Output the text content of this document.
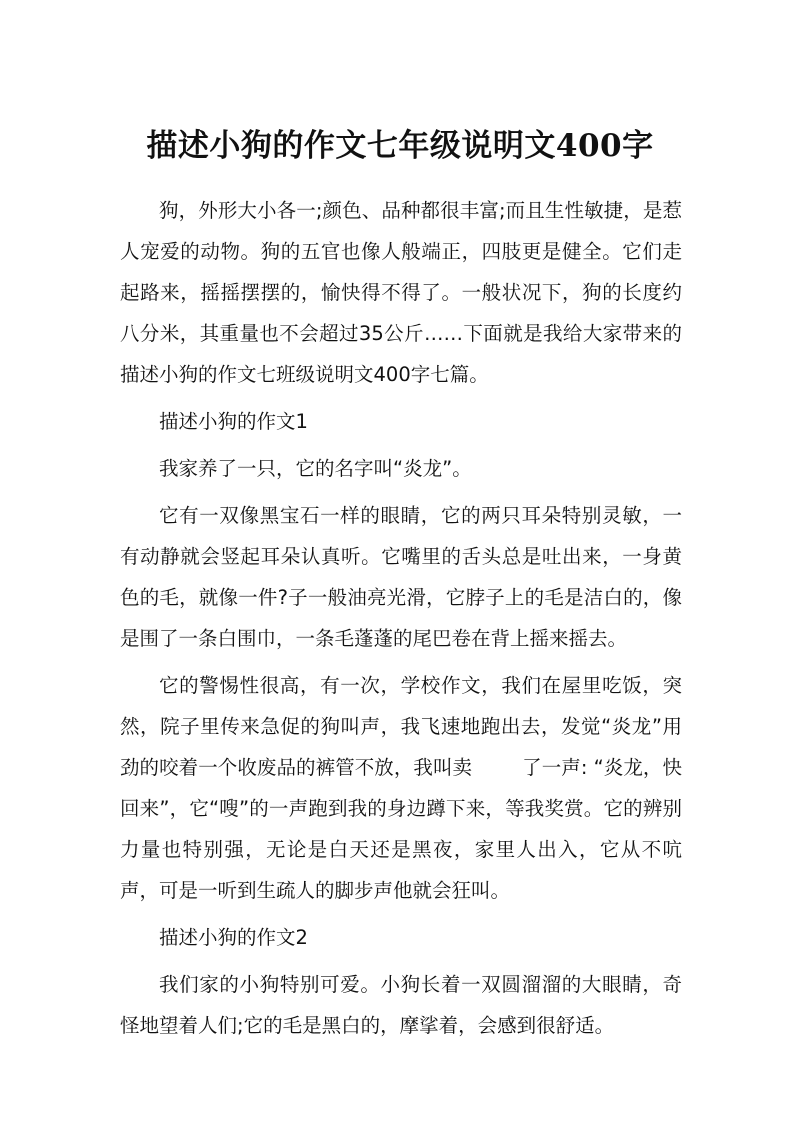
描述小狗的作文七年级说明文400字

狗，外形大小各一;颜色、品种都很丰富;而且生性敏捷，是惹人宠爱的动物。狗的五官也像人般端正，四肢更是健全。它们走起路来，摇摇摆摆的，愉快得不得了。一般状况下，狗的长度约八分米，其重量也不会超过35公斤……下面就是我给大家带来的描述小狗的作文七班级说明文400字七篇。

描述小狗的作文1

我家养了一只，它的名字叫“炎龙”。

它有一双像黑宝石一样的眼睛，它的两只耳朵特别灵敏，一有动静就会竖起耳朵认真听。它嘴里的舌头总是吐出来，一身黄色的毛，就像一件?子一般油亮光滑，它脖子上的毛是洁白的，像是围了一条白围巾，一条毛蓬蓬的尾巴卷在背上摇来摇去。

它的警惕性很高，有一次，学校作文，我们在屋里吃饭，突然，院子里传来急促的狗叫声，我飞速地跑出去，发觉“炎龙”用劲的咬着一个收废品的裤管不放，我叫卖        了一声: “炎龙，快回来”，它“嗖”的一声跑到我的身边蹲下来，等我奖赏。它的辨别力量也特别强，无论是白天还是黑夜，家里人出入，它从不吭声，可是一听到生疏人的脚步声他就会狂叫。

描述小狗的作文2

我们家的小狗特别可爱。小狗长着一双圆溜溜的大眼睛，奇怪地望着人们;它的毛是黑白的，摩挲着，会感到很舒适。
